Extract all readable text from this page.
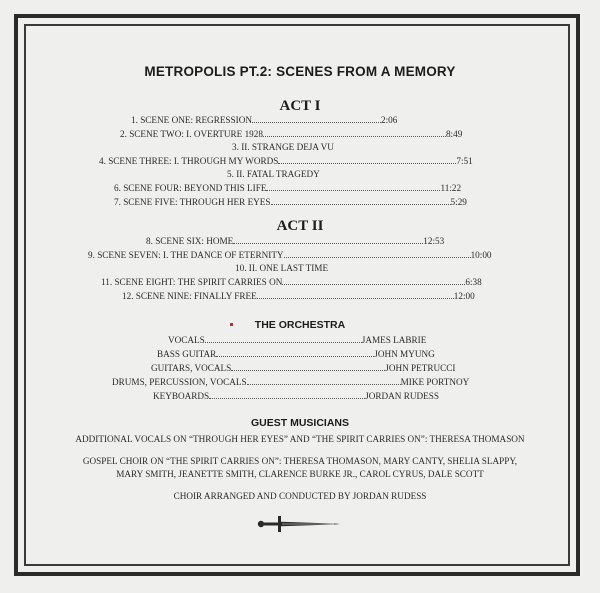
METROPOLIS PT.2: SCENES FROM A MEMORY
ACT I
1. SCENE ONE: REGRESSION	2:06
2. SCENE TWO: I. OVERTURE 1928	8:49
3. II. STRANGE DEJA VU
4. SCENE THREE: I. THROUGH MY WORDS	7:51
5. II. FATAL TRAGEDY
6. SCENE FOUR: BEYOND THIS LIFE	11:22
7. SCENE FIVE: THROUGH HER EYES	5:29
ACT II
8. SCENE SIX: HOME	12:53
9. SCENE SEVEN: I. THE DANCE OF ETERNITY	10:00
10. II. ONE LAST TIME
11. SCENE EIGHT: THE SPIRIT CARRIES ON	6:38
12. SCENE NINE: FINALLY FREE	12:00
THE ORCHESTRA
VOCALS	JAMES LABRIE
BASS GUITAR	JOHN MYUNG
GUITARS, VOCALS	JOHN PETRUCCI
DRUMS, PERCUSSION, VOCALS	MIKE PORTNOY
KEYBOARDS	JORDAN RUDESS
GUEST MUSICIANS
ADDITIONAL VOCALS ON “THROUGH HER EYES” AND “THE SPIRIT CARRIES ON”: THERESA THOMASON
GOSPEL CHOIR ON “THE SPIRIT CARRIES ON”: THERESA THOMASON, MARY CANTY, SHELIA SLAPPY,
MARY SMITH, JEANETTE SMITH, CLARENCE BURKE JR., CAROL CYRUS, DALE SCOTT
CHOIR ARRANGED AND CONDUCTED BY JORDAN RUDESS
